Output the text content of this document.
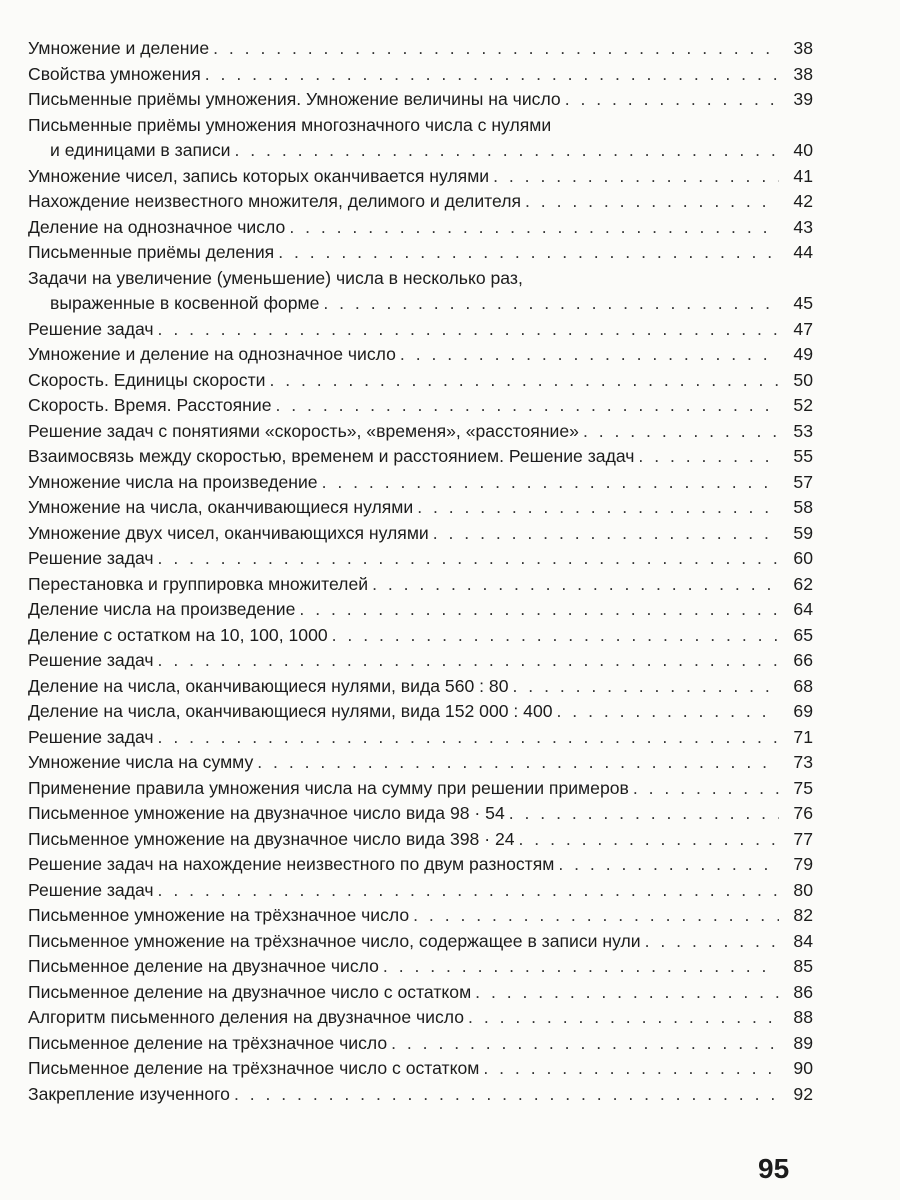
Умножение и деление . . .	38
Свойства умножения . . .	38
Письменные приёмы умножения. Умножение величины на число . . .	39
Письменные приёмы умножения многозначного числа с нулями
и единицами в записи . . .	40
Умножение чисел, запись которых оканчивается нулями . . .	41
Нахождение неизвестного множителя, делимого и делителя . . .	42
Деление на однозначное число . . .	43
Письменные приёмы деления . . .	44
Задачи на увеличение (уменьшение) числа в несколько раз,
выраженные в косвенной форме . . .	45
Решение задач . . .	47
Умножение и деление на однозначное число . . .	49
Скорость. Единицы скорости . . .	50
Скорость. Время. Расстояние . . .	52
Решение задач с понятиями «скорость», «временя», «расстояние» . . .	53
Взаимосвязь между скоростью, временем и расстоянием. Решение задач . . .	55
Умножение числа на произведение . . .	57
Умножение на числа, оканчивающиеся нулями . . .	58
Умножение двух чисел, оканчивающихся нулями . . .	59
Решение задач . . .	60
Перестановка и группировка множителей . . .	62
Деление числа на произведение . . .	64
Деление с остатком на 10, 100, 1000 . . .	65
Решение задач . . .	66
Деление на числа, оканчивающиеся нулями, вида 560 : 80 . . .	68
Деление на числа, оканчивающиеся нулями, вида 152 000 : 400 . . .	69
Решение задач . . .	71
Умножение числа на сумму . . .	73
Применение правила умножения числа на сумму при решении примеров . . .	75
Письменное умножение на двузначное число вида 98 · 54 . . .	76
Письменное умножение на двузначное число вида 398 · 24 . . .	77
Решение задач на нахождение неизвестного по двум разностям . . .	79
Решение задач . . .	80
Письменное умножение на трёхзначное число . . .	82
Письменное умножение на трёхзначное число, содержащее в записи нули . . .	84
Письменное деление на двузначное число . . .	85
Письменное деление на двузначное число с остатком . . .	86
Алгоритм письменного деления на двузначное число . . .	88
Письменное деление на трёхзначное число . . .	89
Письменное деление на трёхзначное число с остатком . . .	90
Закрепление изученного . . .	92
95
